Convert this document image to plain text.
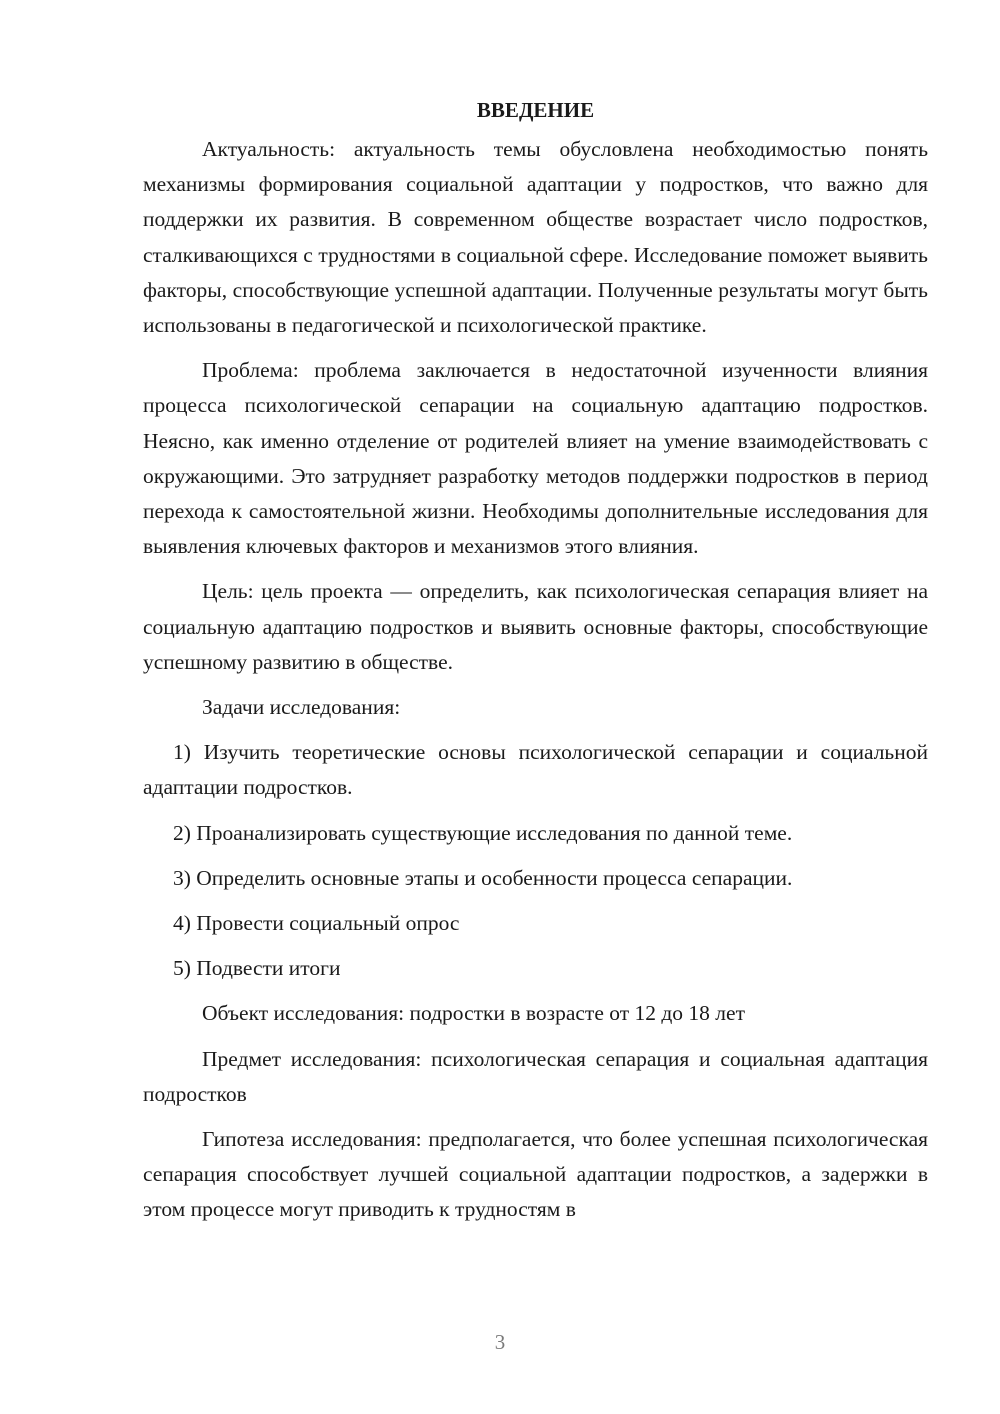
ВВЕДЕНИЕ

Актуальность: актуальность темы обусловлена необходимостью понять механизмы формирования социальной адаптации у подростков, что важно для поддержки их развития. В современном обществе возрастает число подростков, сталкивающихся с трудностями в социальной сфере. Исследование поможет выявить факторы, способствующие успешной адаптации. Полученные результаты могут быть использованы в педагогической и психологической практике.

Проблема: проблема заключается в недостаточной изученности влияния процесса психологической сепарации на социальную адаптацию подростков. Неясно, как именно отделение от родителей влияет на умение взаимодействовать с окружающими. Это затрудняет разработку методов поддержки подростков в период перехода к самостоятельной жизни. Необходимы дополнительные исследования для выявления ключевых факторов и механизмов этого влияния.

Цель: цель проекта — определить, как психологическая сепарация влияет на социальную адаптацию подростков и выявить основные факторы, способствующие успешному развитию в обществе.

Задачи исследования:

1) Изучить теоретические основы психологической сепарации и социальной адаптации подростков.

2) Проанализировать существующие исследования по данной теме.

3) Определить основные этапы и особенности процесса сепарации.

4) Провести социальный опрос

5) Подвести итоги

Объект исследования: подростки в возрасте от 12 до 18 лет

Предмет исследования: психологическая сепарация и социальная адаптация подростков

Гипотеза исследования: предполагается, что более успешная психологическая сепарация способствует лучшей социальной адаптации подростков, а задержки в этом процессе могут приводить к трудностям в

3
